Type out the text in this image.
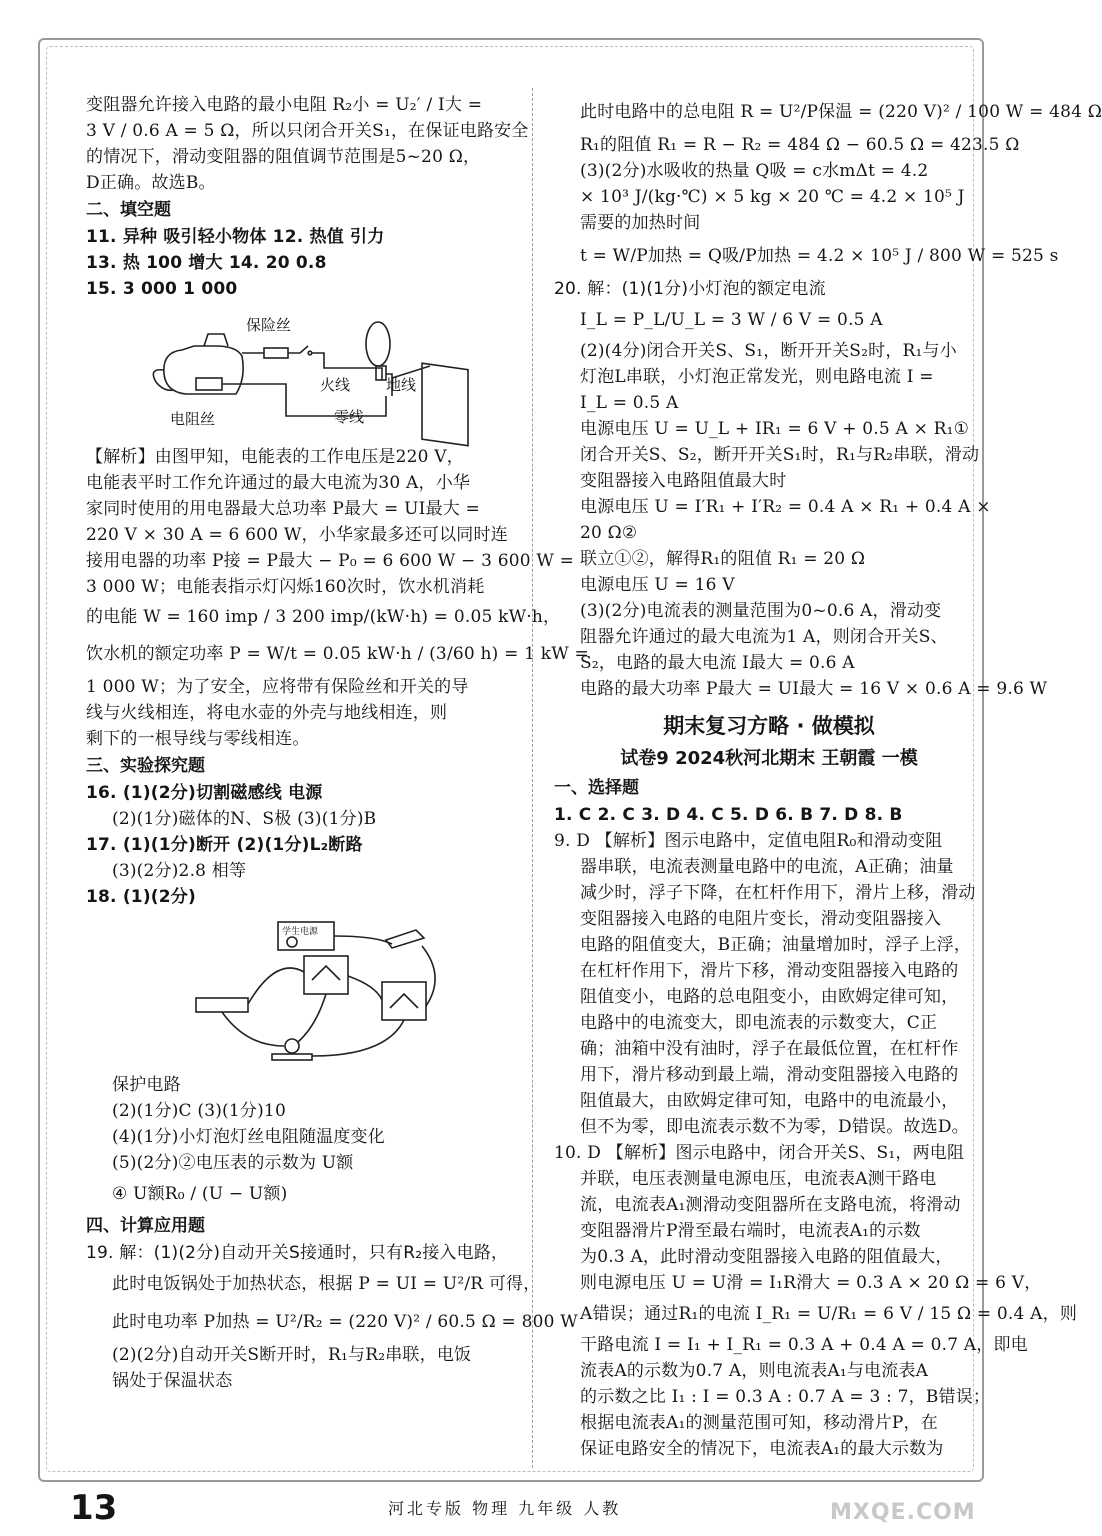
变阻器允许接入电路的最小电阻 R₂小 = U₂′ / I大 =
3 V / 0.6 A = 5 Ω，所以只闭合开关S₁，在保证电路安全
的情况下，滑动变阻器的阻值调节范围是5~20 Ω，
D正确。故选B。
二、填空题
11. 异种 吸引轻小物体 12. 热值 引力
13. 热 100 增大 14. 20 0.8
15. 3 000 1 000
保险丝
火线 地线
零线
电阻丝
【解析】由图甲知，电能表的工作电压是220 V，
电能表平时工作允许通过的最大电流为30 A，小华
家同时使用的用电器最大总功率 P最大 = UI最大 =
220 V × 30 A = 6 600 W，小华家最多还可以同时连
接用电器的功率 P接 = P最大 − P₀ = 6 600 W − 3 600 W =
3 000 W；电能表指示灯闪烁160次时，饮水机消耗
的电能 W = 160 imp / 3 200 imp/(kW·h) = 0.05 kW·h，
饮水机的额定功率 P = W/t = 0.05 kW·h / (3/60 h) = 1 kW =
1 000 W；为了安全，应将带有保险丝和开关的导
线与火线相连，将电水壶的外壳与地线相连，则
剩下的一根导线与零线相连。
三、实验探究题
16. (1)(2分)切割磁感线 电源
(2)(1分)磁体的N、S极 (3)(1分)B
17. (1)(1分)断开 (2)(1分)L₂断路
(3)(2分)2.8 相等
18. (1)(2分)
学生电源
保护电路
(2)(1分)C (3)(1分)10
(4)(1分)小灯泡灯丝电阻随温度变化
(5)(2分)②电压表的示数为 U额
④ U额R₀ / (U − U额)
四、计算应用题
19. 解：(1)(2分)自动开关S接通时，只有R₂接入电路，
此时电饭锅处于加热状态，根据 P = UI = U²/R 可得，
此时电功率 P加热 = U²/R₂ = (220 V)² / 60.5 Ω = 800 W
(2)(2分)自动开关S断开时，R₁与R₂串联，电饭
锅处于保温状态
此时电路中的总电阻 R = U²/P保温 = (220 V)² / 100 W = 484 Ω
R₁的阻值 R₁ = R − R₂ = 484 Ω − 60.5 Ω = 423.5 Ω
(3)(2分)水吸收的热量 Q吸 = c水mΔt = 4.2
× 10³ J/(kg·℃) × 5 kg × 20 ℃ = 4.2 × 10⁵ J
需要的加热时间
t = W/P加热 = Q吸/P加热 = 4.2 × 10⁵ J / 800 W = 525 s
20. 解：(1)(1分)小灯泡的额定电流
I_L = P_L/U_L = 3 W / 6 V = 0.5 A
(2)(4分)闭合开关S、S₁，断开开关S₂时，R₁与小
灯泡L串联，小灯泡正常发光，则电路电流 I =
I_L = 0.5 A
电源电压 U = U_L + IR₁ = 6 V + 0.5 A × R₁①
闭合开关S、S₂，断开开关S₁时，R₁与R₂串联，滑动
变阻器接入电路阻值最大时
电源电压 U = I′R₁ + I′R₂ = 0.4 A × R₁ + 0.4 A ×
20 Ω②
联立①②，解得R₁的阻值 R₁ = 20 Ω
电源电压 U = 16 V
(3)(2分)电流表的测量范围为0~0.6 A，滑动变
阻器允许通过的最大电流为1 A，则闭合开关S、
S₂，电路的最大电流 I最大 = 0.6 A
电路的最大功率 P最大 = UI最大 = 16 V × 0.6 A = 9.6 W
期末复习方略 · 做模拟
试卷9 2024秋河北期末 王朝霞 一模
一、选择题
1. C 2. C 3. D 4. C 5. D 6. B 7. D 8. B
9. D 【解析】图示电路中，定值电阻R₀和滑动变阻
器串联，电流表测量电路中的电流，A正确；油量
减少时，浮子下降，在杠杆作用下，滑片上移，滑动
变阻器接入电路的电阻片变长，滑动变阻器接入
电路的阻值变大，B正确；油量增加时，浮子上浮，
在杠杆作用下，滑片下移，滑动变阻器接入电路的
阻值变小，电路的总电阻变小，由欧姆定律可知，
电路中的电流变大，即电流表的示数变大，C正
确；油箱中没有油时，浮子在最低位置，在杠杆作
用下，滑片移动到最上端，滑动变阻器接入电路的
阻值最大，由欧姆定律可知，电路中的电流最小，
但不为零，即电流表示数不为零，D错误。故选D。
10. D 【解析】图示电路中，闭合开关S、S₁，两电阻
并联，电压表测量电源电压，电流表A测干路电
流，电流表A₁测滑动变阻器所在支路电流，将滑动
变阻器滑片P滑至最右端时，电流表A₁的示数
为0.3 A，此时滑动变阻器接入电路的阻值最大，
则电源电压 U = U滑 = I₁R滑大 = 0.3 A × 20 Ω = 6 V，
A错误；通过R₁的电流 I_R₁ = U/R₁ = 6 V / 15 Ω = 0.4 A，则
干路电流 I = I₁ + I_R₁ = 0.3 A + 0.4 A = 0.7 A，即电
流表A的示数为0.7 A，则电流表A₁与电流表A
的示数之比 I₁ : I = 0.3 A : 0.7 A = 3 : 7，B错误；
根据电流表A₁的测量范围可知，移动滑片P，在
保证电路安全的情况下，电流表A₁的最大示数为
13	河北专版 物理 九年级 人教	MXQE.COM
